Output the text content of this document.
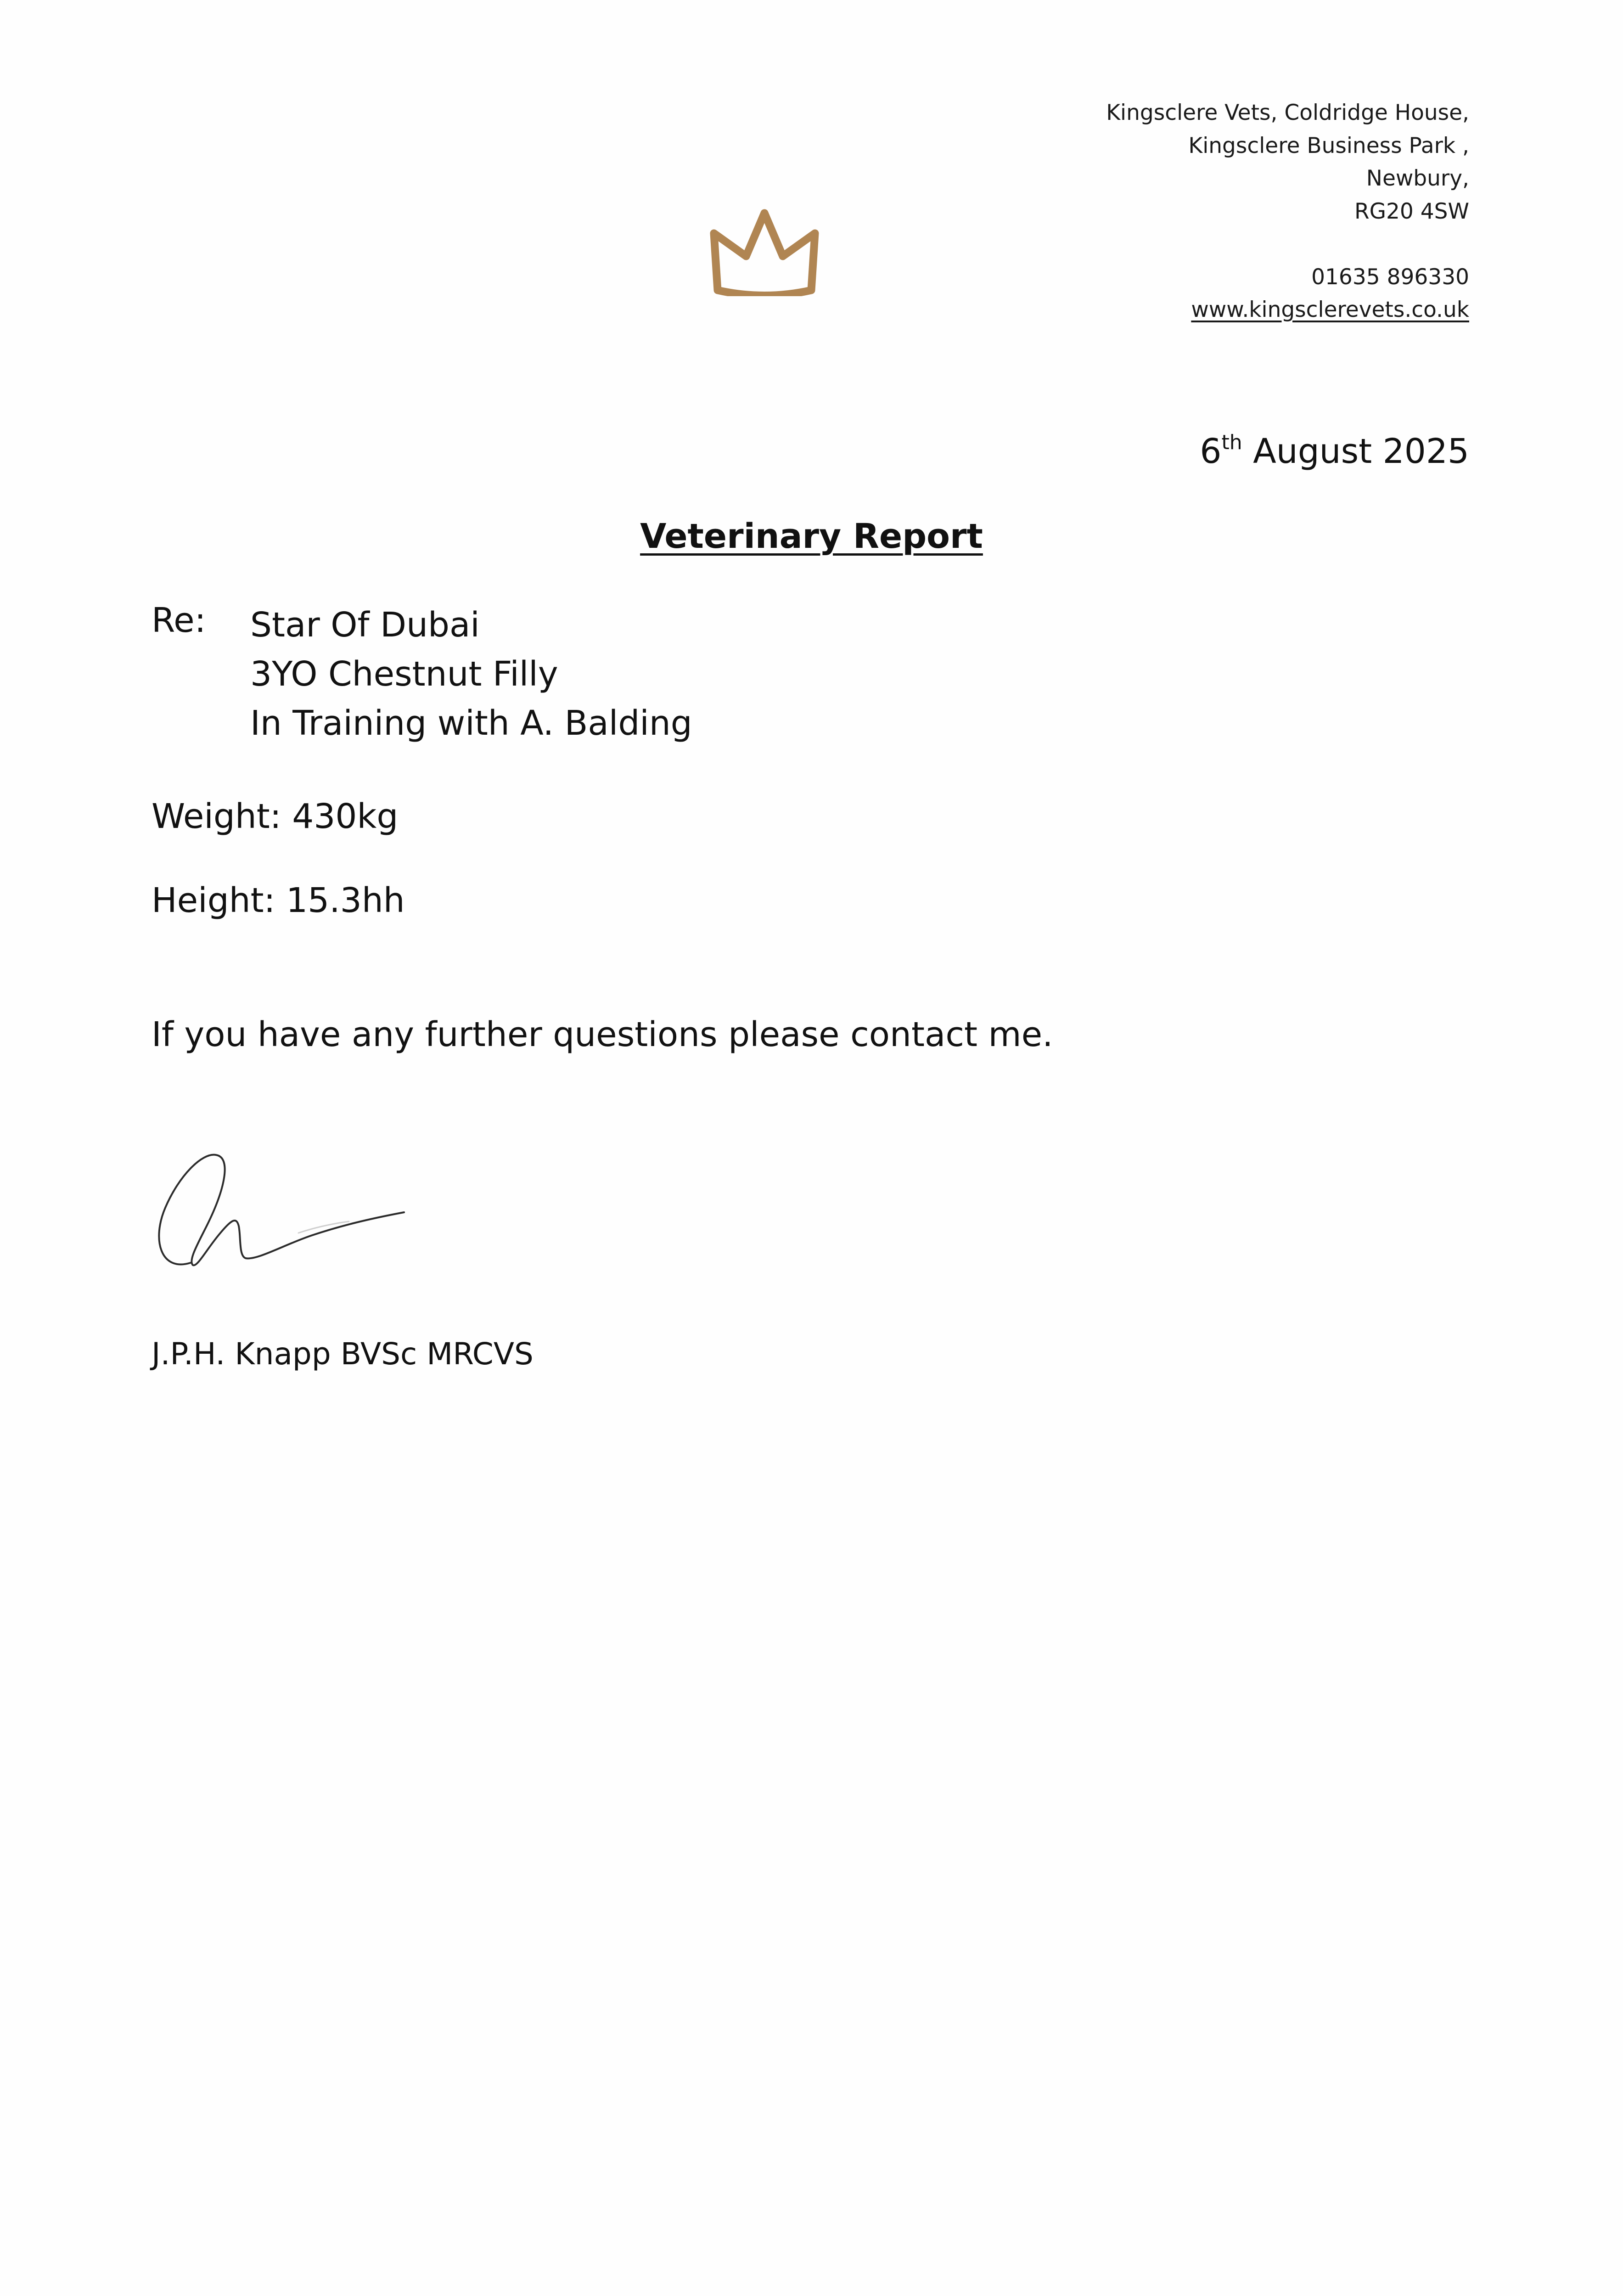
Kingsclere Vets, Coldridge House,
Kingsclere Business Park ,
Newbury,
RG20 4SW
01635 896330
www.kingsclerevets.co.uk
6th August 2025
Veterinary Report
Re: Star Of Dubai
3YO Chestnut Filly
In Training with A. Balding
Weight: 430kg
Height: 15.3hh
If you have any further questions please contact me.
J.P.H. Knapp BVSc MRCVS
